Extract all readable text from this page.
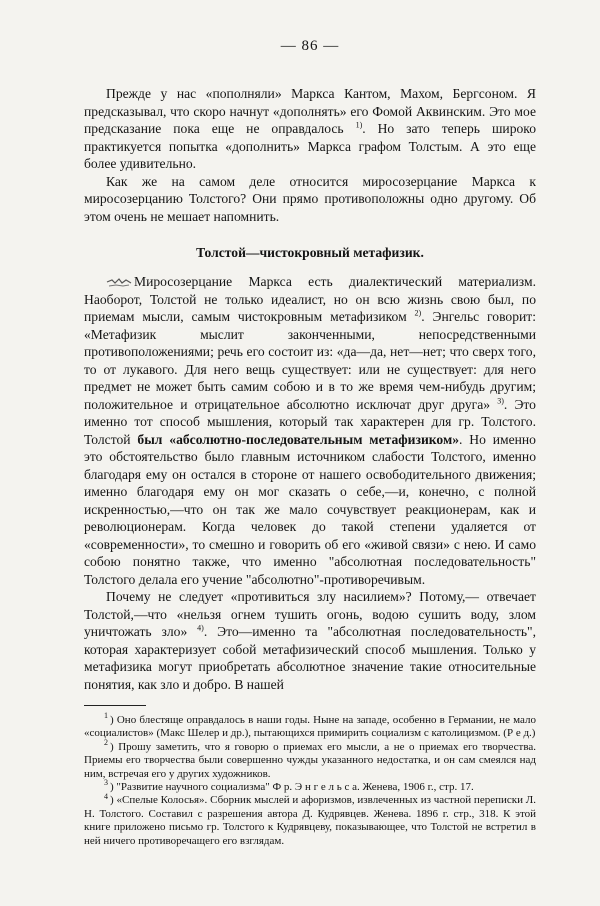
— 86 —

Прежде у нас «пополняли» Маркса Кантом, Махом, Бергсоном. Я предсказывал, что скоро начнут «дополнять» его Фомой Аквинским. Это мое предсказание пока еще не оправдалось $^{1)}$. Но зато теперь широко практикуется попытка «дополнить» Маркса графом Толстым. А это еще более удивительно.

Как же на самом деле относится миросозерцание Маркса к миросозерцанию Толстого? Они прямо противоположны одно другому. Об этом очень не мешает напомнить.

Толстой—чистокровный метафизик.

Миросозерцание Маркса есть диалектический материализм. Наоборот, Толстой не только идеалист, но он всю жизнь свою был, по приемам мысли, самым чистокровным метафизиком $^{2)}$. Энгельс говорит: «Метафизик мыслит законченными, непосредственными противоположениями; речь его состоит из: «да—да, нет—нет; что сверх того, то от лукавого. Для него вещь существует: или не существует: для него предмет не может быть самим собою и в то же время чем-нибудь другим; положительное и отрицательное абсолютно исключат друг друга» $^{3)}$. Это именно тот способ мышления, который так характерен для гр. Толстого. Толстой был «абсолютно-последовательным метафизиком». Но именно это обстоятельство было главным источником слабости Толстого, именно благодаря ему он остался в стороне от нашего освободительного движения; именно благодаря ему он мог сказать о себе,—и, конечно, с полной искренностью,—что он так же мало сочувствует реакционерам, как и революционерам. Когда человек до такой степени удаляется от «современности», то смешно и говорить об его «живой связи» с нею. И само собою понятно также, что именно "абсолютная последовательность" Толстого делала его учение "абсолютно"-противоречивым.

Почему не следует «противиться злу насилием»? Потому,— отвечает Толстой,—что «нельзя огнем тушить огонь, водою сушить воду, злом уничтожать зло» $^{4)}$. Это—именно та "абсолютная последовательность", которая характеризует собой метафизический способ мышления. Только у метафизика могут приобретать абсолютное значение такие относительные понятия, как зло и добро. В нашей

$^1$ ) Оно блестяще оправдалось в наши годы. Ныне на западе, особенно в Германии, не мало «социалистов» (Макс Шелер и др.), пытающихся примирить социализм с католицизмом. (Р е д.)

$^2$ ) Прошу заметить, что я говорю о приемах его мысли, а не о приемах его творчества. Приемы его творчества были совершенно чужды указанного недостатка, и он сам смеялся над ним, встречая его у других художников.

$^3$ ) "Развитие научного социализма" Ф р. Э н г е л ь с а. Женева, 1906 г., стр. 17.

$^4$ ) «Спелые Колосья». Сборник мыслей и афоризмов, извлеченных из частной переписки Л. Н. Толстого. Составил с разрешения автора Д. Кудрявцев. Женева. 1896 г. стр., 318. К этой книге приложено письмо гр. Толстого к Кудрявцеву, показывающее, что Толстой не встретил в ней ничего противоречащего его взглядам.
